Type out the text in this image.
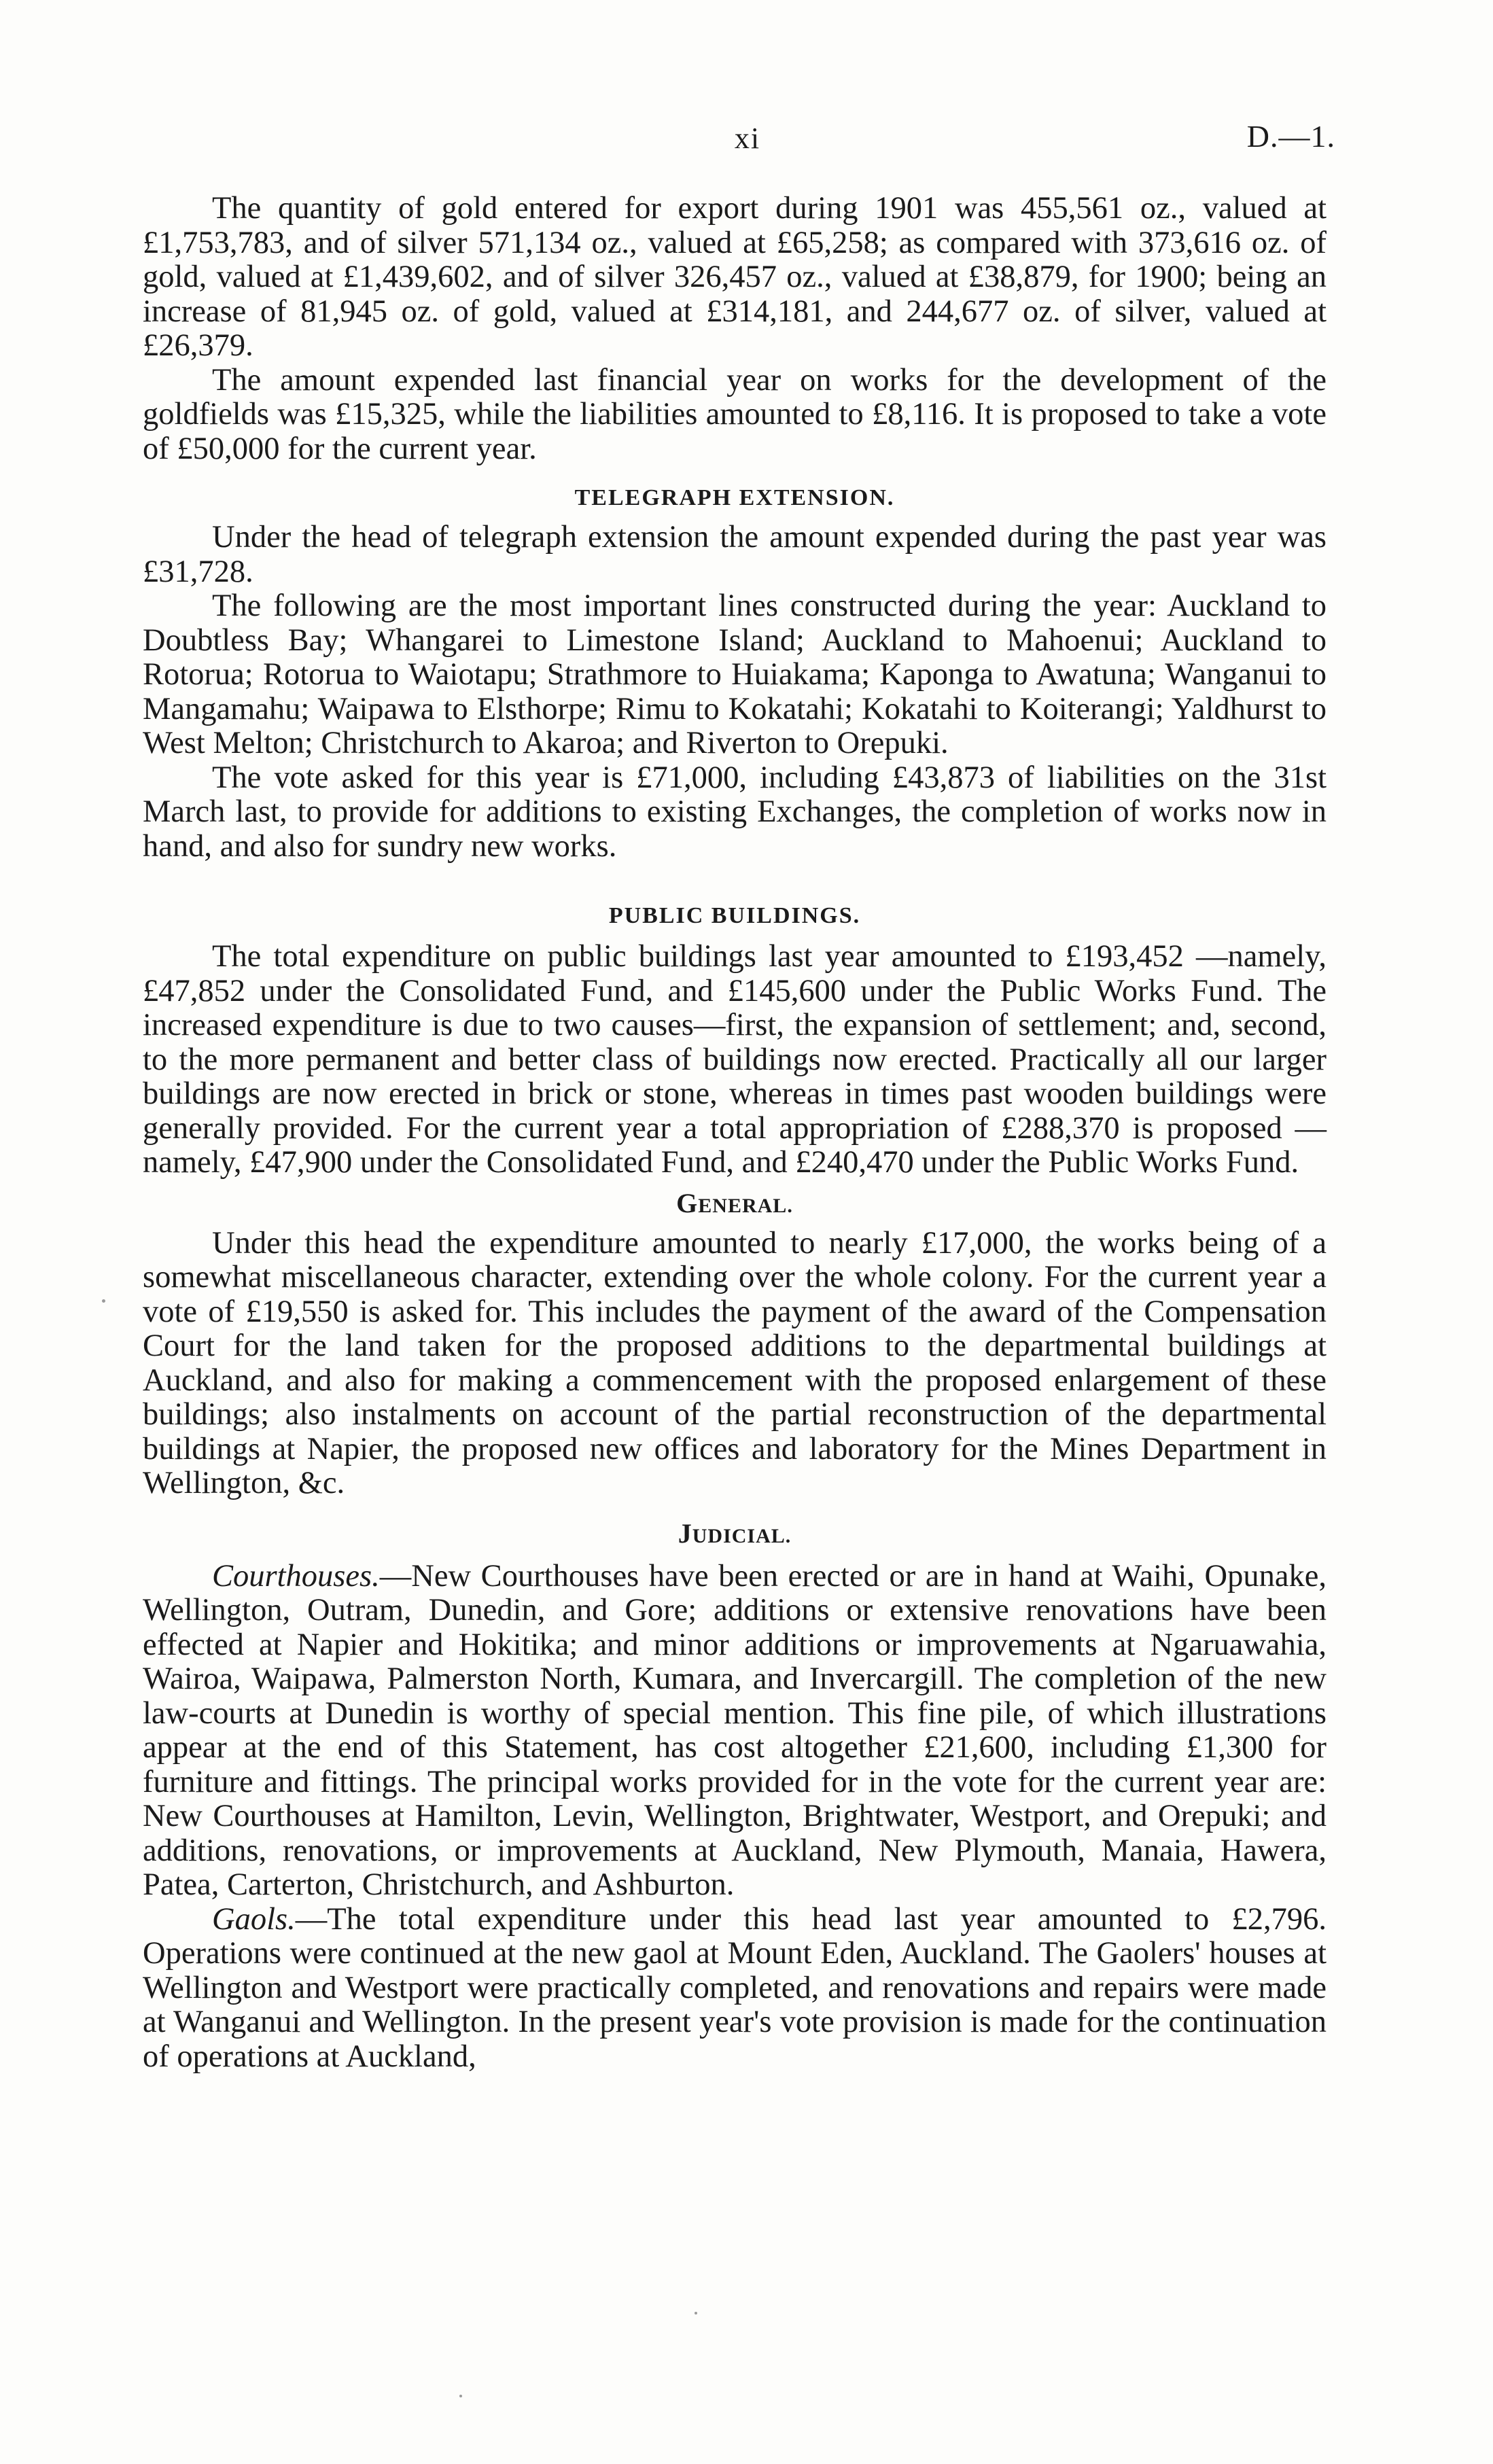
xi	D.—1.

The quantity of gold entered for export during 1901 was 455,561 oz., valued at £1,753,783, and of silver 571,134 oz., valued at £65,258; as compared with 373,616 oz. of gold, valued at £1,439,602, and of silver 326,457 oz., valued at £38,879, for 1900; being an increase of 81,945 oz. of gold, valued at £314,181, and 244,677 oz. of silver, valued at £26,379.

The amount expended last financial year on works for the development of the goldfields was £15,325, while the liabilities amounted to £8,116. It is proposed to take a vote of £50,000 for the current year.

TELEGRAPH EXTENSION.

Under the head of telegraph extension the amount expended during the past year was £31,728.

The following are the most important lines constructed during the year: Auckland to Doubtless Bay; Whangarei to Limestone Island; Auckland to Mahoenui; Auckland to Rotorua; Rotorua to Waiotapu; Strathmore to Huiakama; Kaponga to Awatuna; Wanganui to Mangamahu; Waipawa to Elsthorpe; Rimu to Kokatahi; Kokatahi to Koiterangi; Yaldhurst to West Melton; Christchurch to Akaroa; and Riverton to Orepuki.

The vote asked for this year is £71,000, including £43,873 of liabilities on the 31st March last, to provide for additions to existing Exchanges, the completion of works now in hand, and also for sundry new works.

PUBLIC BUILDINGS.

The total expenditure on public buildings last year amounted to £193,452 —namely, £47,852 under the Consolidated Fund, and £145,600 under the Public Works Fund. The increased expenditure is due to two causes—first, the expansion of settlement; and, second, to the more permanent and better class of buildings now erected. Practically all our larger buildings are now erected in brick or stone, whereas in times past wooden buildings were generally provided. For the current year a total appropriation of £288,370 is proposed —namely, £47,900 under the Consolidated Fund, and £240,470 under the Public Works Fund.

GENERAL.

Under this head the expenditure amounted to nearly £17,000, the works being of a somewhat miscellaneous character, extending over the whole colony. For the current year a vote of £19,550 is asked for. This includes the payment of the award of the Compensation Court for the land taken for the proposed additions to the departmental buildings at Auckland, and also for making a commencement with the proposed enlargement of these buildings; also instalments on account of the partial reconstruction of the departmental buildings at Napier, the proposed new offices and laboratory for the Mines Department in Wellington, &c.

JUDICIAL.

Courthouses.—New Courthouses have been erected or are in hand at Waihi, Opunake, Wellington, Outram, Dunedin, and Gore; additions or extensive renovations have been effected at Napier and Hokitika; and minor additions or improvements at Ngaruawahia, Wairoa, Waipawa, Palmerston North, Kumara, and Invercargill. The completion of the new law-courts at Dunedin is worthy of special mention. This fine pile, of which illustrations appear at the end of this Statement, has cost altogether £21,600, including £1,300 for furniture and fittings. The principal works provided for in the vote for the current year are: New Courthouses at Hamilton, Levin, Wellington, Brightwater, Westport, and Orepuki; and additions, renovations, or improvements at Auckland, New Plymouth, Manaia, Hawera, Patea, Carterton, Christchurch, and Ashburton.

Gaols.—The total expenditure under this head last year amounted to £2,796. Operations were continued at the new gaol at Mount Eden, Auckland. The Gaolers' houses at Wellington and Westport were practically completed, and renovations and repairs were made at Wanganui and Wellington. In the present year's vote provision is made for the continuation of operations at Auckland,
